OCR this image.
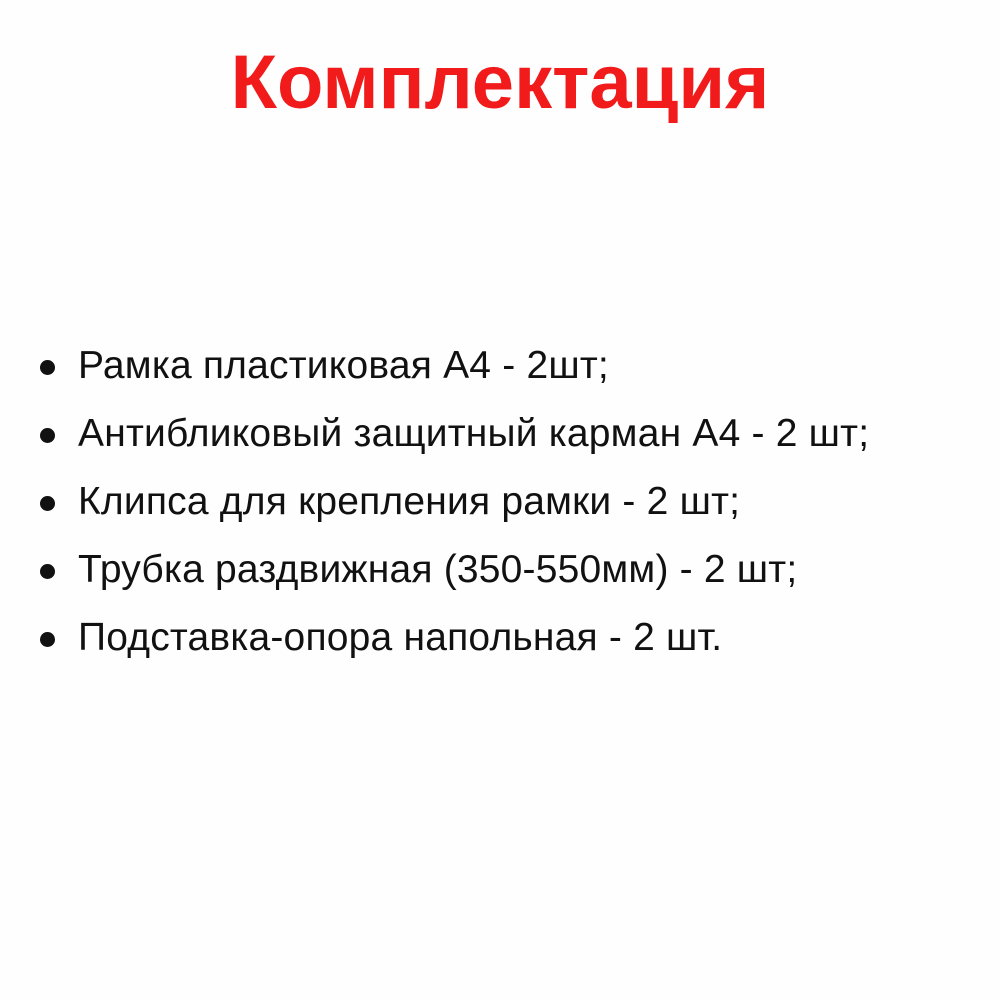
Комплектация
Рамка пластиковая А4 - 2шт;
Антибликовый защитный карман А4 - 2 шт;
Клипса для крепления рамки - 2 шт;
Трубка раздвижная (350-550мм) - 2 шт;
Подставка-опора напольная - 2 шт.
